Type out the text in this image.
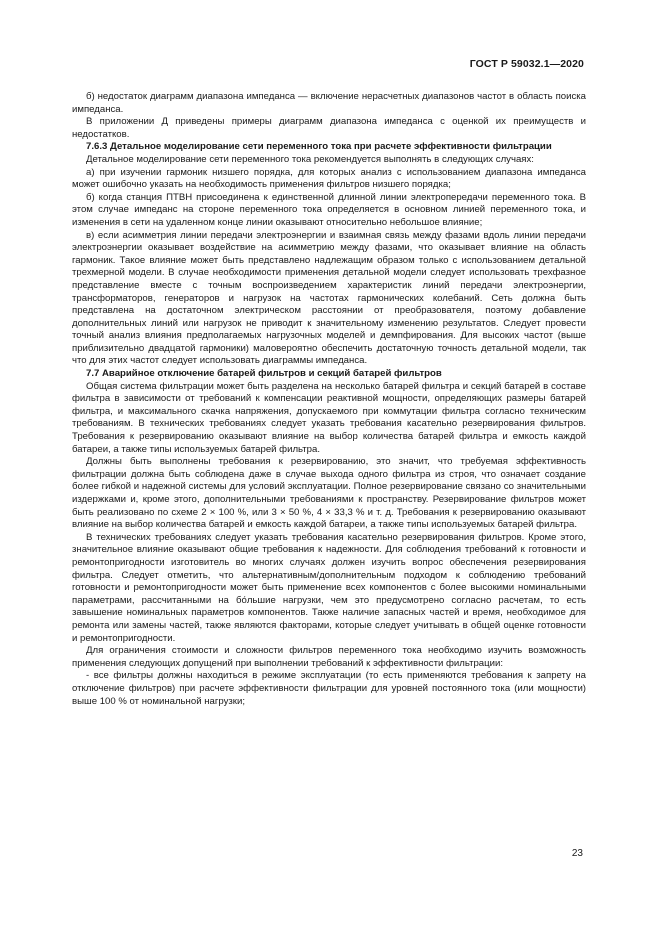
ГОСТ Р 59032.1—2020

б) недостаток диаграмм диапазона импеданса — включение нерасчетных диапазонов частот в область поиска импеданса.

В приложении Д приведены примеры диаграмм диапазона импеданса с оценкой их преимуществ и недостатков.

7.6.3 Детальное моделирование сети переменного тока при расчете эффективности фильтрации

Детальное моделирование сети переменного тока рекомендуется выполнять в следующих случаях:

а) при изучении гармоник низшего порядка, для которых анализ с использованием диапазона импеданса может ошибочно указать на необходимость применения фильтров низшего порядка;

б) когда станция ПТВН присоединена к единственной длинной линии электропередачи переменного тока. В этом случае импеданс на стороне переменного тока определяется в основном линией переменного тока, и изменения в сети на удаленном конце линии оказывают относительно небольшое влияние;

в) если асимметрия линии передачи электроэнергии и взаимная связь между фазами вдоль линии передачи электроэнергии оказывает воздействие на асимметрию между фазами, что оказывает влияние на область гармоник. Такое влияние может быть представлено надлежащим образом только с использованием детальной трехмерной модели. В случае необходимости применения детальной модели следует использовать трехфазное представление вместе с точным воспроизведением характеристик линий передачи электроэнергии, трансформаторов, генераторов и нагрузок на частотах гармонических колебаний. Сеть должна быть представлена на достаточном электрическом расстоянии от преобразователя, поэтому добавление дополнительных линий или нагрузок не приводит к значительному изменению результатов. Следует провести точный анализ влияния предполагаемых нагрузочных моделей и демпфирования. Для высоких частот (выше приблизительно двадцатой гармоники) маловероятно обеспечить достаточную точность детальной модели, так что для этих частот следует использовать диаграммы импеданса.

7.7 Аварийное отключение батарей фильтров и секций батарей фильтров

Общая система фильтрации может быть разделена на несколько батарей фильтра и секций батарей в составе фильтра в зависимости от требований к компенсации реактивной мощности, определяющих размеры батарей фильтра, и максимального скачка напряжения, допускаемого при коммутации фильтра согласно техническим требованиям. В технических требованиях следует указать требования касательно резервирования фильтров. Требования к резервированию оказывают влияние на выбор количества батарей фильтра и емкость каждой батареи, а также типы используемых батарей фильтра.

Должны быть выполнены требования к резервированию, это значит, что требуемая эффективность фильтрации должна быть соблюдена даже в случае выхода одного фильтра из строя, что означает создание более гибкой и надежной системы для условий эксплуатации. Полное резервирование связано со значительными издержками и, кроме этого, дополнительными требованиями к пространству. Резервирование фильтров может быть реализовано по схеме 2 × 100 %, или 3 × 50 %, 4 × 33,3 % и т. д. Требования к резервированию оказывают влияние на выбор количества батарей и емкость каждой батареи, а также типы используемых батарей фильтра.

В технических требованиях следует указать требования касательно резервирования фильтров. Кроме этого, значительное влияние оказывают общие требования к надежности. Для соблюдения требований к готовности и ремонтопригодности изготовитель во многих случаях должен изучить вопрос обеспечения резервирования фильтра. Следует отметить, что альтернативным/дополнительным подходом к соблюдению требований готовности и ремонтопригодности может быть применение всех компонентов с более высокими номинальными параметрами, рассчитанными на бо́льшие нагрузки, чем это предусмотрено согласно расчетам, то есть завышение номинальных параметров компонентов. Также наличие запасных частей и время, необходимое для ремонта или замены частей, также являются факторами, которые следует учитывать в общей оценке готовности и ремонтопригодности.

Для ограничения стоимости и сложности фильтров переменного тока необходимо изучить возможность применения следующих допущений при выполнении требований к эффективности фильтрации:

- все фильтры должны находиться в режиме эксплуатации (то есть применяются требования к запрету на отключение фильтров) при расчете эффективности фильтрации для уровней постоянного тока (или мощности) выше 100 % от номинальной нагрузки;

23
